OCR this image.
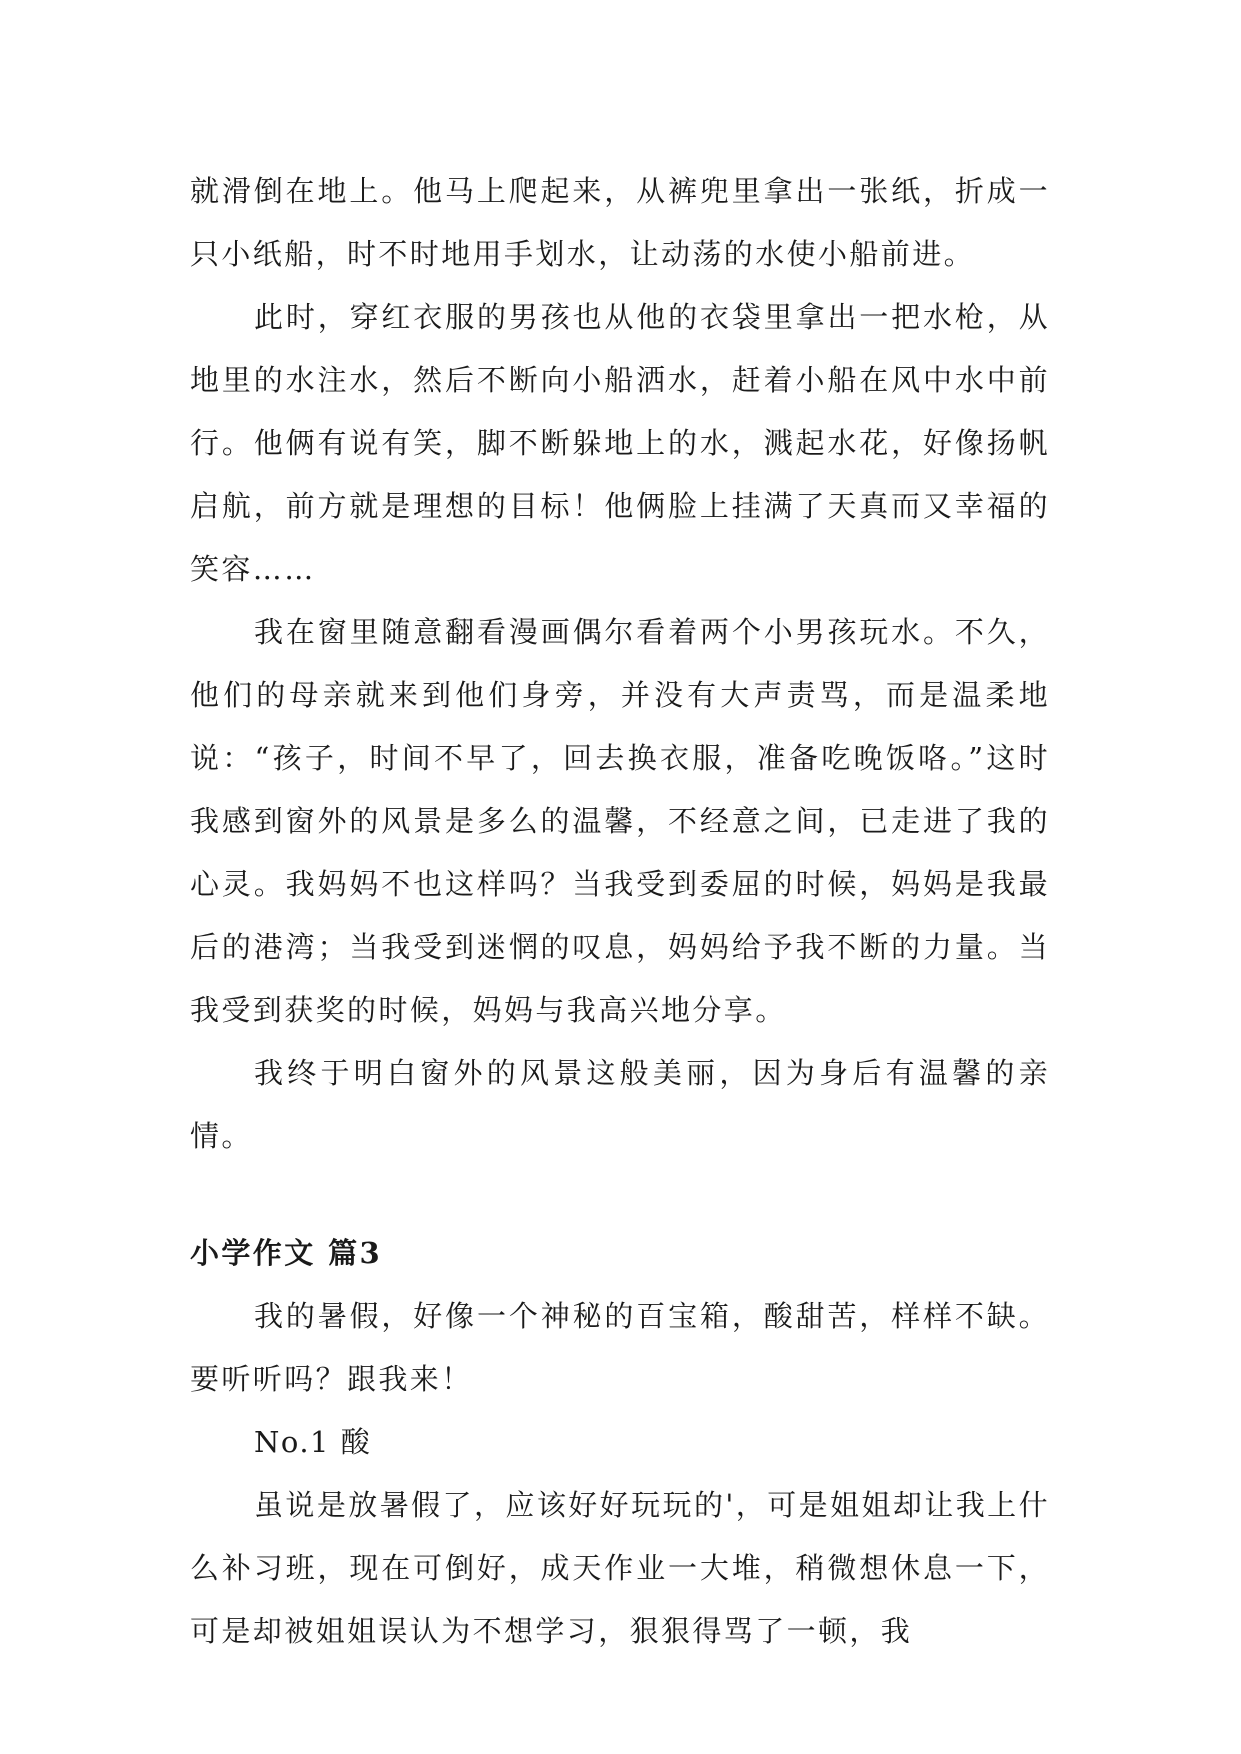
就滑倒在地上。他马上爬起来，从裤兜里拿出一张纸，折成一只小纸船，时不时地用手划水，让动荡的水使小船前进。

此时，穿红衣服的男孩也从他的衣袋里拿出一把水枪，从地里的水注水，然后不断向小船洒水，赶着小船在风中水中前行。他俩有说有笑，脚不断躲地上的水，溅起水花，好像扬帆启航，前方就是理想的目标！他俩脸上挂满了天真而又幸福的笑容……

我在窗里随意翻看漫画偶尔看着两个小男孩玩水。不久，他们的母亲就来到他们身旁，并没有大声责骂，而是温柔地说：“孩子，时间不早了，回去换衣服，准备吃晚饭咯。”这时我感到窗外的风景是多么的温馨，不经意之间，已走进了我的心灵。我妈妈不也这样吗？当我受到委屈的时候，妈妈是我最后的港湾；当我受到迷惘的叹息，妈妈给予我不断的力量。当我受到获奖的时候，妈妈与我高兴地分享。

我终于明白窗外的风景这般美丽，因为身后有温馨的亲情。

小学作文 篇3

我的暑假，好像一个神秘的百宝箱，酸甜苦，样样不缺。要听听吗？跟我来！

No.1 酸

虽说是放暑假了，应该好好玩玩的'，可是姐姐却让我上什么补习班，现在可倒好，成天作业一大堆，稍微想休息一下，可是却被姐姐误认为不想学习，狠狠得骂了一顿，我
